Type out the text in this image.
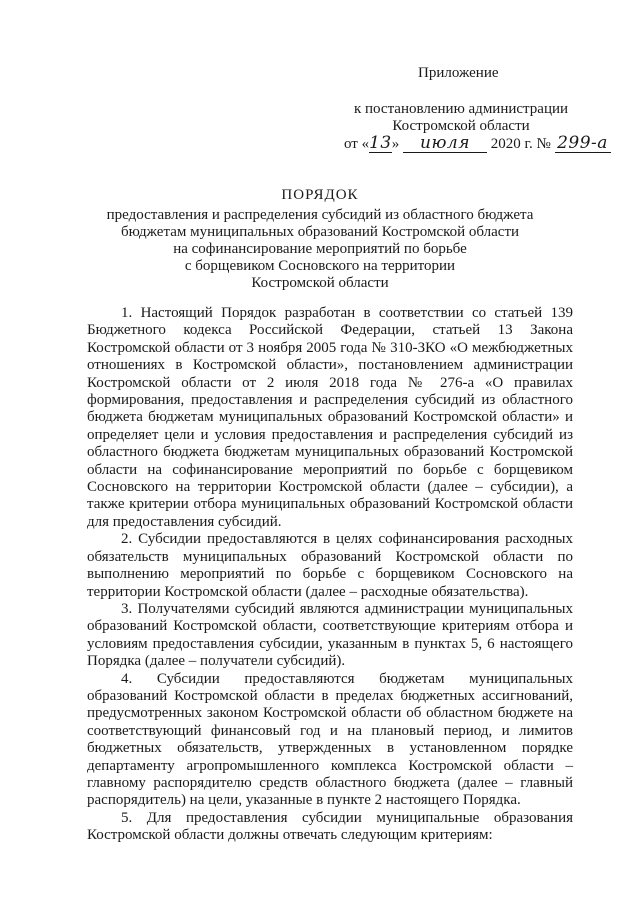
Приложение
к постановлению администрации
Костромской области
от «13» июля 2020 г. № 299-а
ПОРЯДОК
предоставления и распределения субсидий из областного бюджета
бюджетам муниципальных образований Костромской области
на софинансирование мероприятий по борьбе
с борщевиком Сосновского на территории
Костромской области

1. Настоящий Порядок разработан в соответствии со статьей 139 Бюджетного кодекса Российской Федерации, статьей 13 Закона Костромской области от 3 ноября 2005 года № 310-ЗКО «О межбюджетных отношениях в Костромской области», постановлением администрации Костромской области от 2 июля 2018 года № 276-а «О правилах формирования, предоставления и распределения субсидий из областного бюджета бюджетам муниципальных образований Костромской области» и определяет цели и условия предоставления и распределения субсидий из областного бюджета бюджетам муниципальных образований Костромской области на софинансирование мероприятий по борьбе с борщевиком Сосновского на территории Костромской области (далее – субсидии), а также критерии отбора муниципальных образований Костромской области для предоставления субсидий.

2. Субсидии предоставляются в целях софинансирования расходных обязательств муниципальных образований Костромской области по выполнению мероприятий по борьбе с борщевиком Сосновского на территории Костромской области (далее – расходные обязательства).

3. Получателями субсидий являются администрации муниципальных образований Костромской области, соответствующие критериям отбора и условиям предоставления субсидии, указанным в пунктах 5, 6 настоящего Порядка (далее – получатели субсидий).

4. Субсидии предоставляются бюджетам муниципальных образований Костромской области в пределах бюджетных ассигнований, предусмотренных законом Костромской области об областном бюджете на соответствующий финансовый год и на плановый период, и лимитов бюджетных обязательств, утвержденных в установленном порядке департаменту агропромышленного комплекса Костромской области – главному распорядителю средств областного бюджета (далее – главный распорядитель) на цели, указанные в пункте 2 настоящего Порядка.

5. Для предоставления субсидии муниципальные образования Костромской области должны отвечать следующим критериям:
